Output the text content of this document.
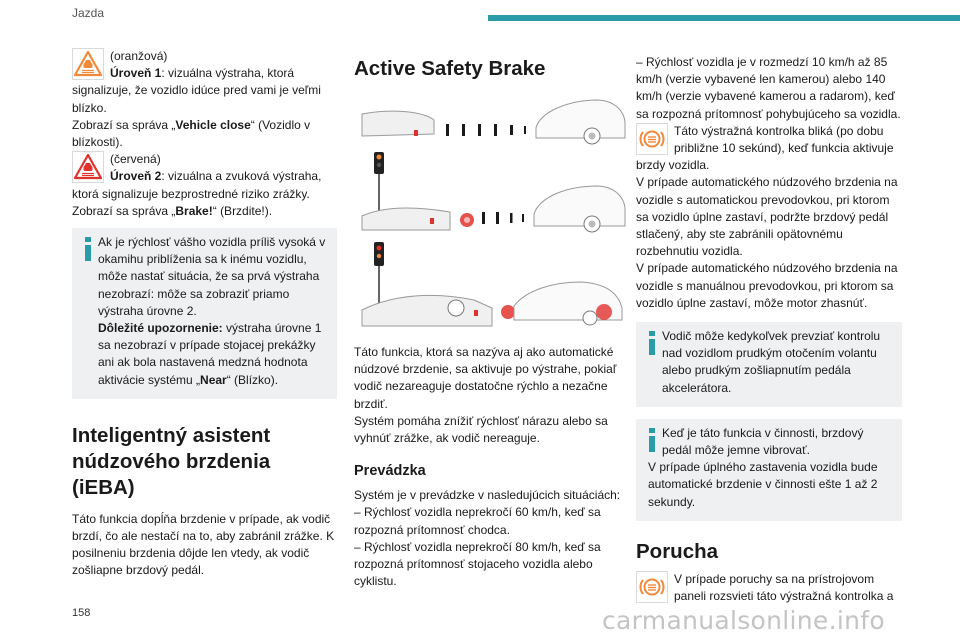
Jazda

(oranžová)

Úroveň 1: vizuálna výstraha, ktorá signalizuje, že vozidlo idúce pred vami je veľmi blízko.

Zobrazí sa správa „Vehicle close“ (Vozidlo v blízkosti).

(červená)

Úroveň 2: vizuálna a zvuková výstraha, ktorá signalizuje bezprostredné riziko zrážky.

Zobrazí sa správa „Brake!“ (Brzdite!).

Ak je rýchlosť vášho vozidla príliš vysoká v okamihu priblíženia sa k inému vozidlu, môže nastať situácia, že sa prvá výstraha nezobrazí: môže sa zobraziť priamo výstraha úrovne 2.
Dôležité upozornenie: výstraha úrovne 1 sa nezobrazí v prípade stojacej prekážky ani ak bola nastavená medzná hodnota aktivácie systému „Near“ (Blízko).

Inteligentný asistent núdzového brzdenia (iEBA)

Táto funkcia dopĺňa brzdenie v prípade, ak vodič brzdí, čo ale nestačí na to, aby zabránil zrážke. K posilneniu brzdenia dôjde len vtedy, ak vodič zošliapne brzdový pedál.

Active Safety Brake

Táto funkcia, ktorá sa nazýva aj ako automatické núdzové brzdenie, sa aktivuje po výstrahe, pokiaľ vodič nezareaguje dostatočne rýchlo a nezačne brzdiť.

Systém pomáha znížiť rýchlosť nárazu alebo sa vyhnúť zrážke, ak vodič nereaguje.

Prevádzka

Systém je v prevádzke v nasledujúcich situáciách:

– Rýchlosť vozidla neprekročí 60 km/h, keď sa rozpozná prítomnosť chodca.

– Rýchlosť vozidla neprekročí 80 km/h, keď sa rozpozná prítomnosť stojaceho vozidla alebo cyklistu.

– Rýchlosť vozidla je v rozmedzí 10 km/h až 85 km/h (verzie vybavené len kamerou) alebo 140 km/h (verzie vybavené kamerou a radarom), keď sa rozpozná prítomnosť pohybujúceho sa vozidla.

Táto výstražná kontrolka bliká (po dobu približne 10 sekúnd), keď funkcia aktivuje brzdy vozidla.

V prípade automatického núdzového brzdenia na vozidle s automatickou prevodovkou, pri ktorom sa vozidlo úplne zastaví, podržte brzdový pedál stlačený, aby ste zabránili opätovnému rozbehnutiu vozidla.

V prípade automatického núdzového brzdenia na vozidle s manuálnou prevodovkou, pri ktorom sa vozidlo úplne zastaví, môže motor zhasnúť.

Vodič môže kedykoľvek prevziať kontrolu nad vozidlom prudkým otočením volantu alebo prudkým zošliapnutím pedála akcelerátora.

Keď je táto funkcia v činnosti, brzdový pedál môže jemne vibrovať.

V prípade úplného zastavenia vozidla bude automatické brzdenie v činnosti ešte 1 až 2 sekundy.

Porucha

V prípade poruchy sa na prístrojovom paneli rozsvieti táto výstražná kontrolka a

158	carmanualsonline.info
